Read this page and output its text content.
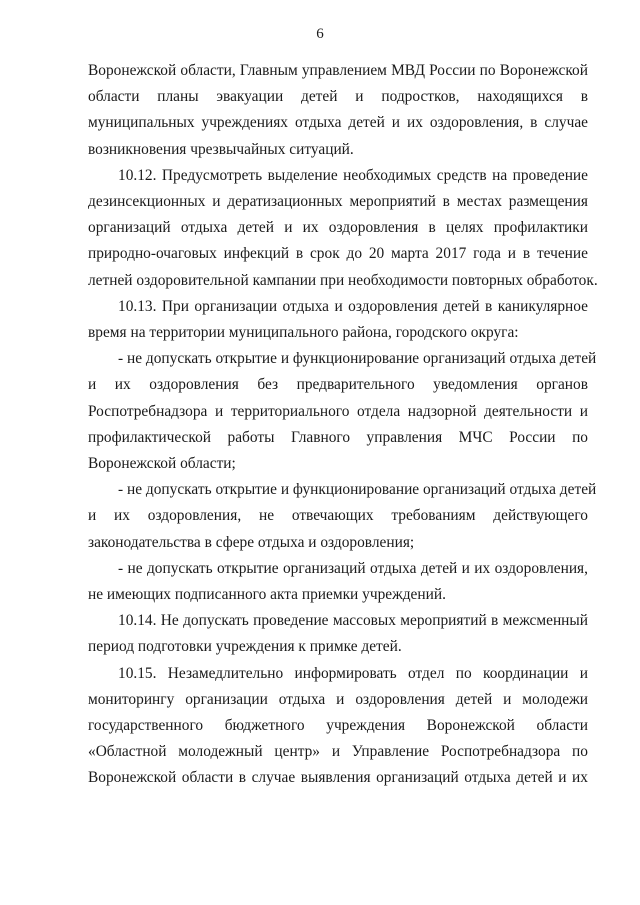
6
Воронежской области, Главным управлением МВД России по Воронежской
области планы эвакуации детей и подростков, находящихся в
муниципальных учреждениях отдыха детей и их оздоровления, в случае
возникновения чрезвычайных ситуаций.
10.12. Предусмотреть выделение необходимых средств на проведение
дезинсекционных и дератизационных мероприятий в местах размещения
организаций отдыха детей и их оздоровления в целях профилактики
природно-очаговых инфекций в срок до 20 марта 2017 года и в течение
летней оздоровительной кампании при необходимости повторных обработок.
10.13. При организации отдыха и оздоровления детей в каникулярное
время на территории муниципального района, городского округа:
- не допускать открытие и функционирование организаций отдыха детей
и их оздоровления без предварительного уведомления органов
Роспотребнадзора и территориального отдела надзорной деятельности и
профилактической работы Главного управления МЧС России по
Воронежской области;
- не допускать открытие и функционирование организаций отдыха детей
и их оздоровления, не отвечающих требованиям действующего
законодательства в сфере отдыха и оздоровления;
- не допускать открытие организаций отдыха детей и их оздоровления,
не имеющих подписанного акта приемки учреждений.
10.14. Не допускать проведение массовых мероприятий в межсменный
период подготовки учреждения к примке детей.
10.15. Незамедлительно информировать отдел по координации и
мониторингу организации отдыха и оздоровления детей и молодежи
государственного бюджетного учреждения Воронежской области
«Областной молодежный центр» и Управление Роспотребнадзора по
Воронежской области в случае выявления организаций отдыха детей и их
